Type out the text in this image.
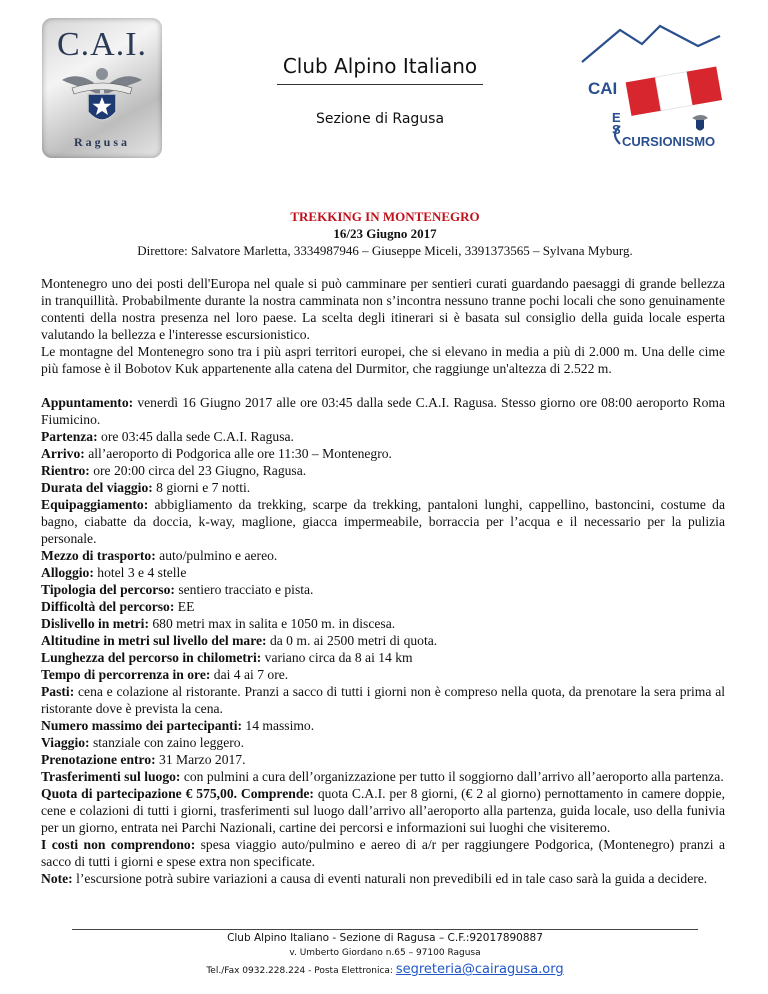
C.A.I.
Ragusa
Club Alpino Italiano
Sezione di Ragusa
CAI
E
S
CURSIONISMO
TREKKING IN MONTENEGRO
16/23 Giugno 2017
Direttore: Salvatore Marletta, 3334987946 – Giuseppe Miceli, 3391373565 – Sylvana Myburg.

Montenegro uno dei posti dell'Europa nel quale si può camminare per sentieri curati guardando paesaggi di grande bellezza in tranquillità. Probabilmente durante la nostra camminata non s’incontra nessuno tranne pochi locali che sono genuinamente contenti della nostra presenza nel loro paese. La scelta degli itinerari si è basata sul consiglio della guida locale esperta valutando la bellezza e l'interesse escursionistico.

Le montagne del Montenegro sono tra i più aspri territori europei, che si elevano in media a più di 2.000 m. Una delle cime più famose è il Bobotov Kuk appartenente alla catena del Durmitor, che raggiunge un'altezza di 2.522 m.

Appuntamento: venerdì 16 Giugno 2017 alle ore 03:45 dalla sede C.A.I. Ragusa. Stesso giorno ore 08:00 aeroporto Roma Fiumicino.

Partenza: ore 03:45 dalla sede C.A.I. Ragusa.

Arrivo: all’aeroporto di Podgorica alle ore 11:30 – Montenegro.

Rientro: ore 20:00 circa del 23 Giugno, Ragusa.

Durata del viaggio: 8 giorni e 7 notti.

Equipaggiamento: abbigliamento da trekking, scarpe da trekking, pantaloni lunghi, cappellino, bastoncini, costume da bagno, ciabatte da doccia, k-way, maglione, giacca impermeabile, borraccia per l’acqua e il necessario per la pulizia personale.

Mezzo di trasporto: auto/pulmino e aereo.

Alloggio: hotel 3 e 4 stelle

Tipologia del percorso: sentiero tracciato e pista.

Difficoltà del percorso: EE

Dislivello in metri: 680 metri max in salita e 1050 m. in discesa.

Altitudine in metri sul livello del mare: da 0 m. ai 2500 metri di quota.

Lunghezza del percorso in chilometri: variano circa da 8 ai 14 km

Tempo di percorrenza in ore: dai 4 ai 7 ore.

Pasti: cena e colazione al ristorante. Pranzi a sacco di tutti i giorni non è compreso nella quota, da prenotare la sera prima al ristorante dove è prevista la cena.

Numero massimo dei partecipanti: 14 massimo.

Viaggio: stanziale con zaino leggero.

Prenotazione entro: 31 Marzo 2017.

Trasferimenti sul luogo: con pulmini a cura dell’organizzazione per tutto il soggiorno dall’arrivo all’aeroporto alla partenza.

Quota di partecipazione € 575,00. Comprende: quota C.A.I. per 8 giorni, (€ 2 al giorno) pernottamento in camere doppie, cene e colazioni di tutti i giorni, trasferimenti sul luogo dall’arrivo all’aeroporto alla partenza, guida locale, uso della funivia per un giorno, entrata nei Parchi Nazionali, cartine dei percorsi e informazioni sui luoghi che visiteremo.

I costi non comprendono: spesa viaggio auto/pulmino e aereo di a/r per raggiungere Podgorica, (Montenegro) pranzi a sacco di tutti i giorni e spese extra non specificate.

Note: l’escursione potrà subire variazioni a causa di eventi naturali non prevedibili ed in tale caso sarà la guida a decidere.

Club Alpino Italiano - Sezione di Ragusa – C.F.:92017890887
v. Umberto Giordano n.65 – 97100 Ragusa
Tel./Fax 0932.228.224 - Posta Elettronica: segreteria@cairagusa.org
